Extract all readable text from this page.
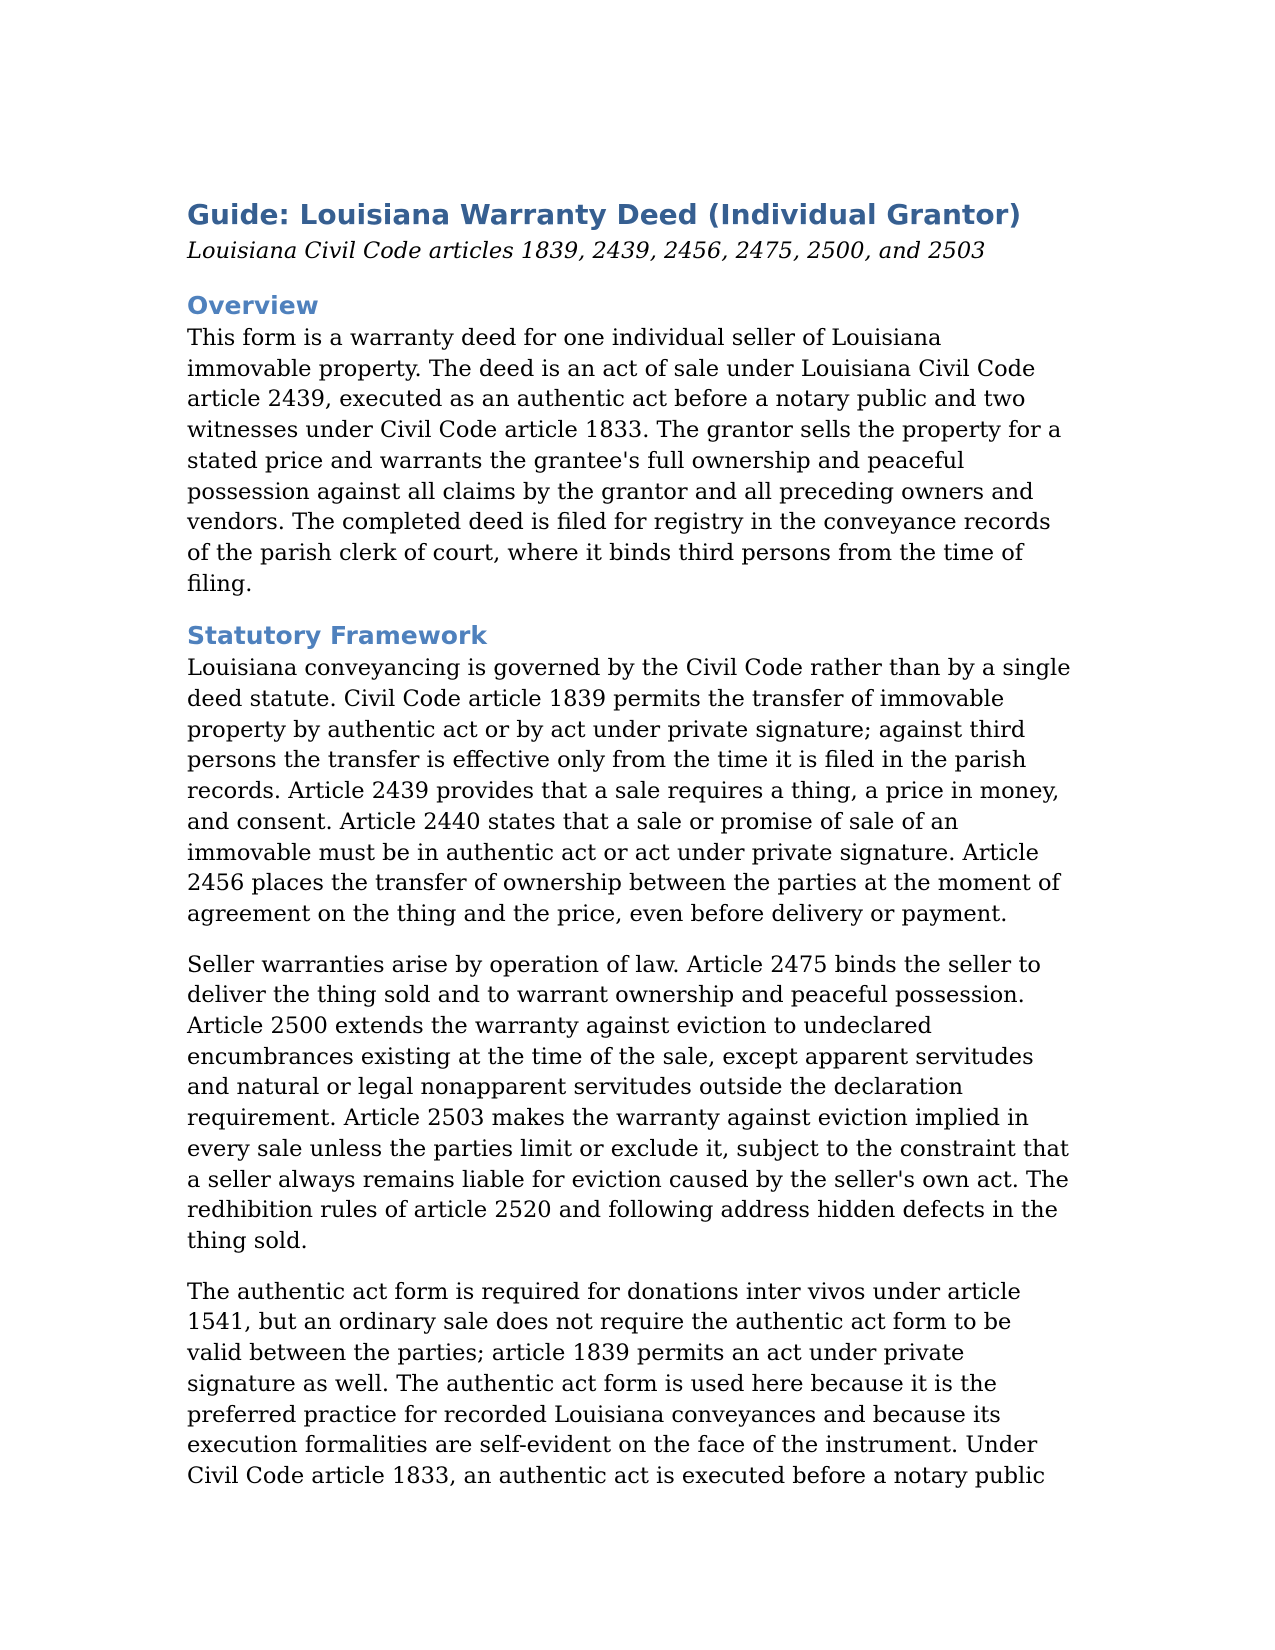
Guide: Louisiana Warranty Deed (Individual Grantor)
Louisiana Civil Code articles 1839, 2439, 2456, 2475, 2500, and 2503
Overview
This form is a warranty deed for one individual seller of Louisiana
immovable property. The deed is an act of sale under Louisiana Civil Code
article 2439, executed as an authentic act before a notary public and two
witnesses under Civil Code article 1833. The grantor sells the property for a
stated price and warrants the grantee's full ownership and peaceful
possession against all claims by the grantor and all preceding owners and
vendors. The completed deed is filed for registry in the conveyance records
of the parish clerk of court, where it binds third persons from the time of
filing.
Statutory Framework
Louisiana conveyancing is governed by the Civil Code rather than by a single
deed statute. Civil Code article 1839 permits the transfer of immovable
property by authentic act or by act under private signature; against third
persons the transfer is effective only from the time it is filed in the parish
records. Article 2439 provides that a sale requires a thing, a price in money,
and consent. Article 2440 states that a sale or promise of sale of an
immovable must be in authentic act or act under private signature. Article
2456 places the transfer of ownership between the parties at the moment of
agreement on the thing and the price, even before delivery or payment.
Seller warranties arise by operation of law. Article 2475 binds the seller to
deliver the thing sold and to warrant ownership and peaceful possession.
Article 2500 extends the warranty against eviction to undeclared
encumbrances existing at the time of the sale, except apparent servitudes
and natural or legal nonapparent servitudes outside the declaration
requirement. Article 2503 makes the warranty against eviction implied in
every sale unless the parties limit or exclude it, subject to the constraint that
a seller always remains liable for eviction caused by the seller's own act. The
redhibition rules of article 2520 and following address hidden defects in the
thing sold.
The authentic act form is required for donations inter vivos under article
1541, but an ordinary sale does not require the authentic act form to be
valid between the parties; article 1839 permits an act under private
signature as well. The authentic act form is used here because it is the
preferred practice for recorded Louisiana conveyances and because its
execution formalities are self-evident on the face of the instrument. Under
Civil Code article 1833, an authentic act is executed before a notary public
